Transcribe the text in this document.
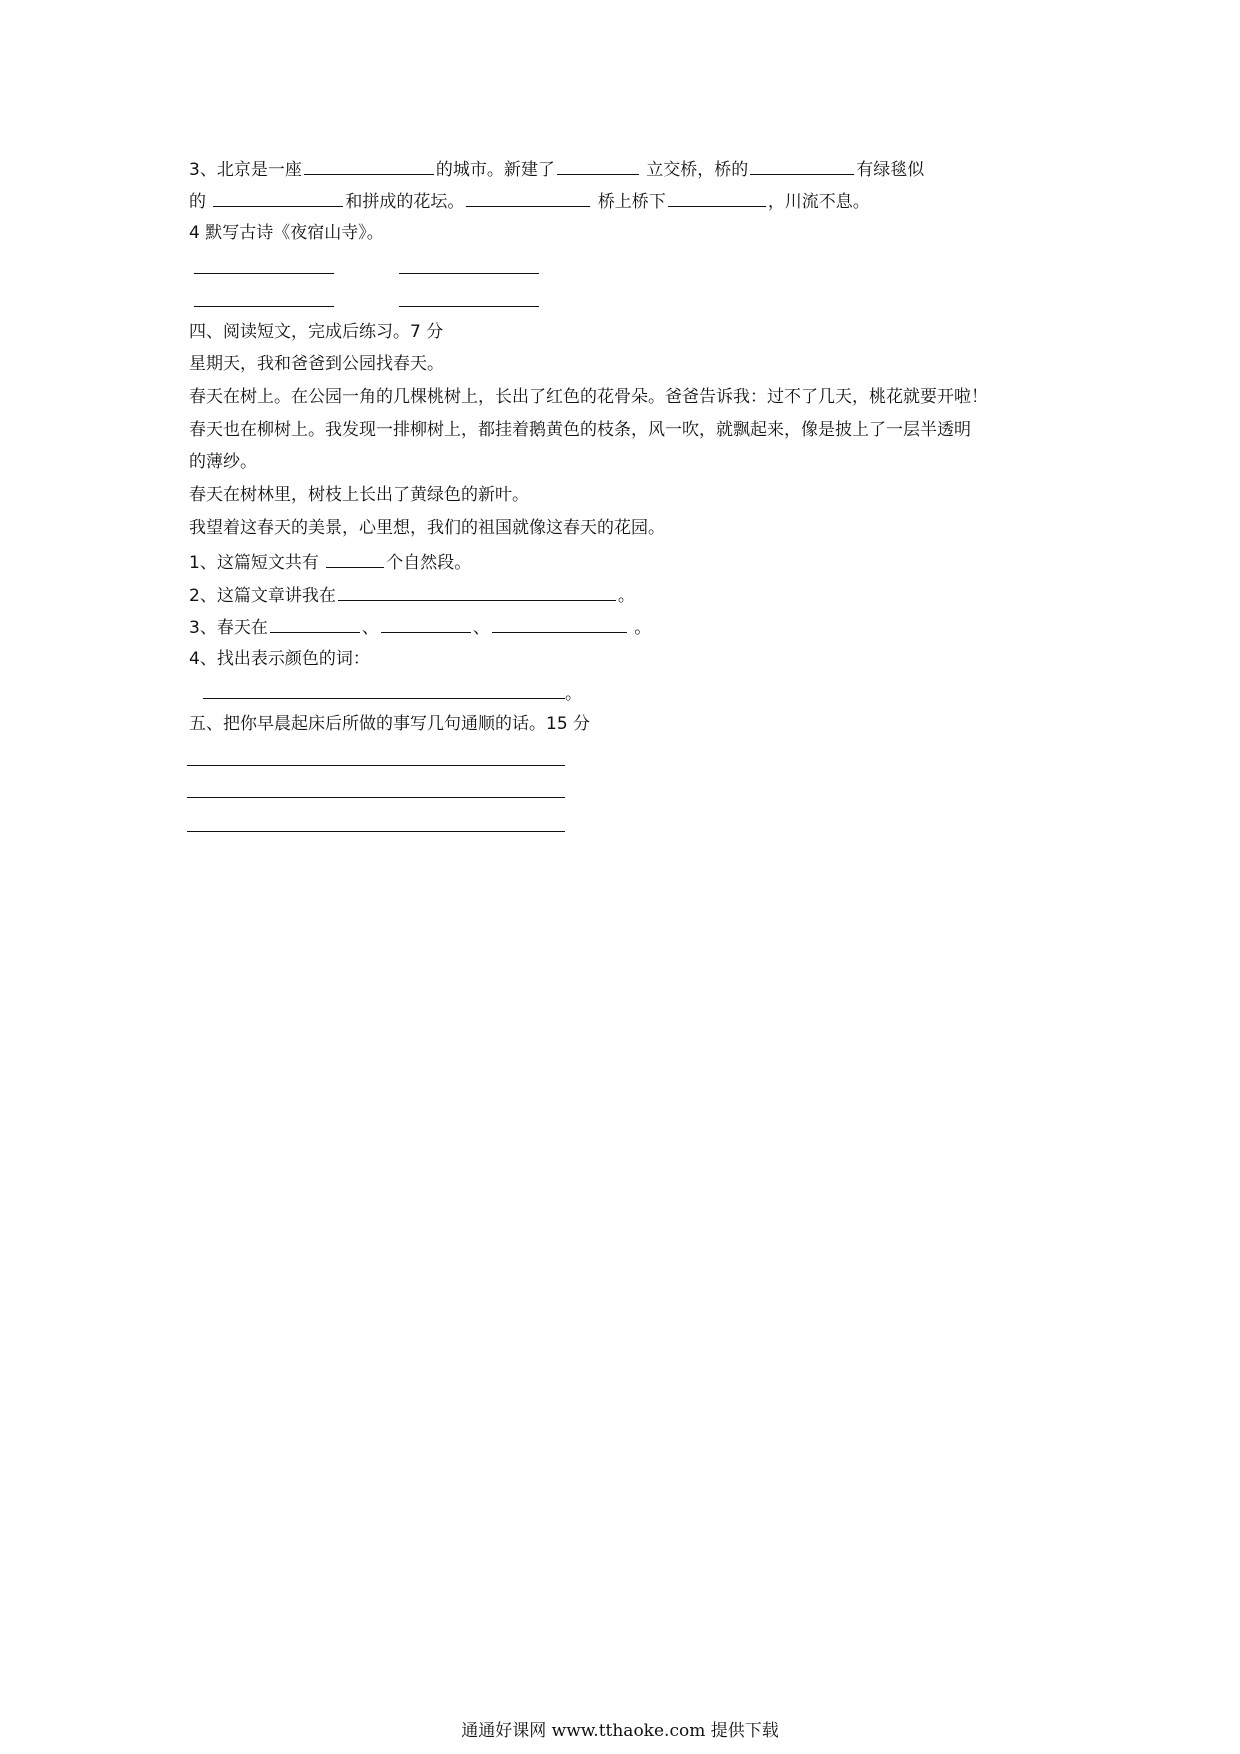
3、北京是一座	的城市。新建了	立交桥，桥的	有绿毯似
的	和拼成的花坛。	桥上桥下	，川流不息。
4 默写古诗《夜宿山寺》。
四、阅读短文，完成后练习。7 分
星期天，我和爸爸到公园找春天。
春天在树上。在公园一角的几棵桃树上，长出了红色的花骨朵。爸爸告诉我：过不了几天，桃花就要开啦！
春天也在柳树上。我发现一排柳树上，都挂着鹅黄色的枝条，风一吹，就飘起来，像是披上了一层半透明
的薄纱。
春天在树林里，树枝上长出了黄绿色的新叶。
我望着这春天的美景，心里想，我们的祖国就像这春天的花园。
1、这篇短文共有	个自然段。
2、这篇文章讲我在	。
3、春天在	、	、	。
4、找出表示颜色的词：
。
五、把你早晨起床后所做的事写几句通顺的话。15 分
通通好课网 www.tthaoke.com 提供下载
